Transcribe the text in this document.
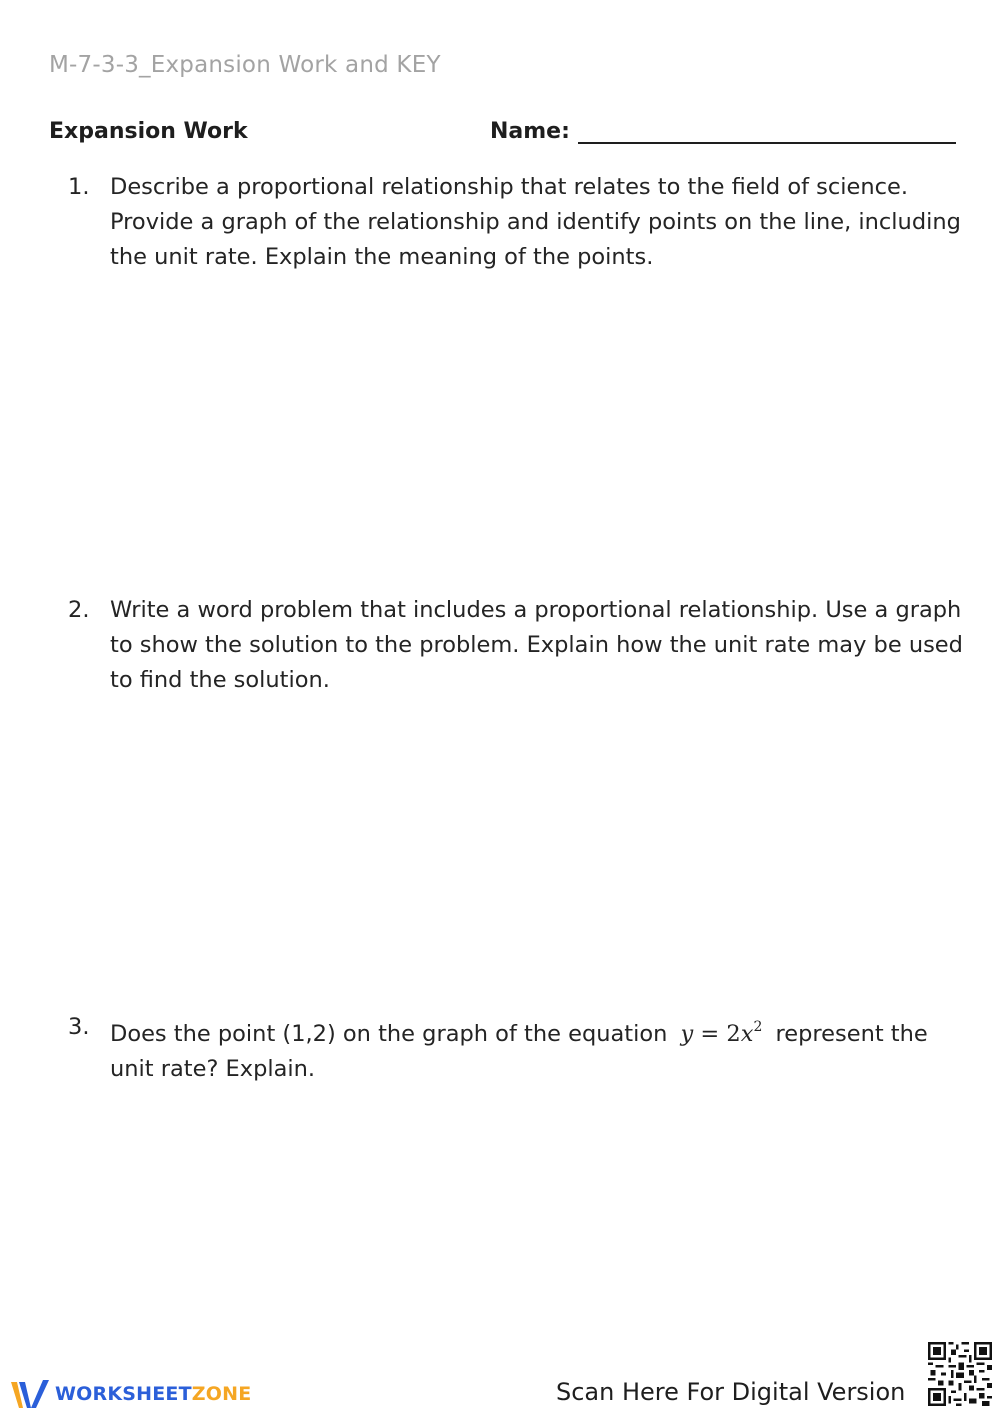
M-7-3-3_Expansion Work and KEY
Expansion Work	Name:
1. Describe a proportional relationship that relates to the field of science. Provide a graph of the relationship and identify points on the line, including the unit rate. Explain the meaning of the points.
2. Write a word problem that includes a proportional relationship. Use a graph to show the solution to the problem. Explain how the unit rate may be used to find the solution.
3. Does the point (1,2) on the graph of the equation $y = 2x^2$ represent the unit rate? Explain.
WORKSHEETZONE	Scan Here For Digital Version
